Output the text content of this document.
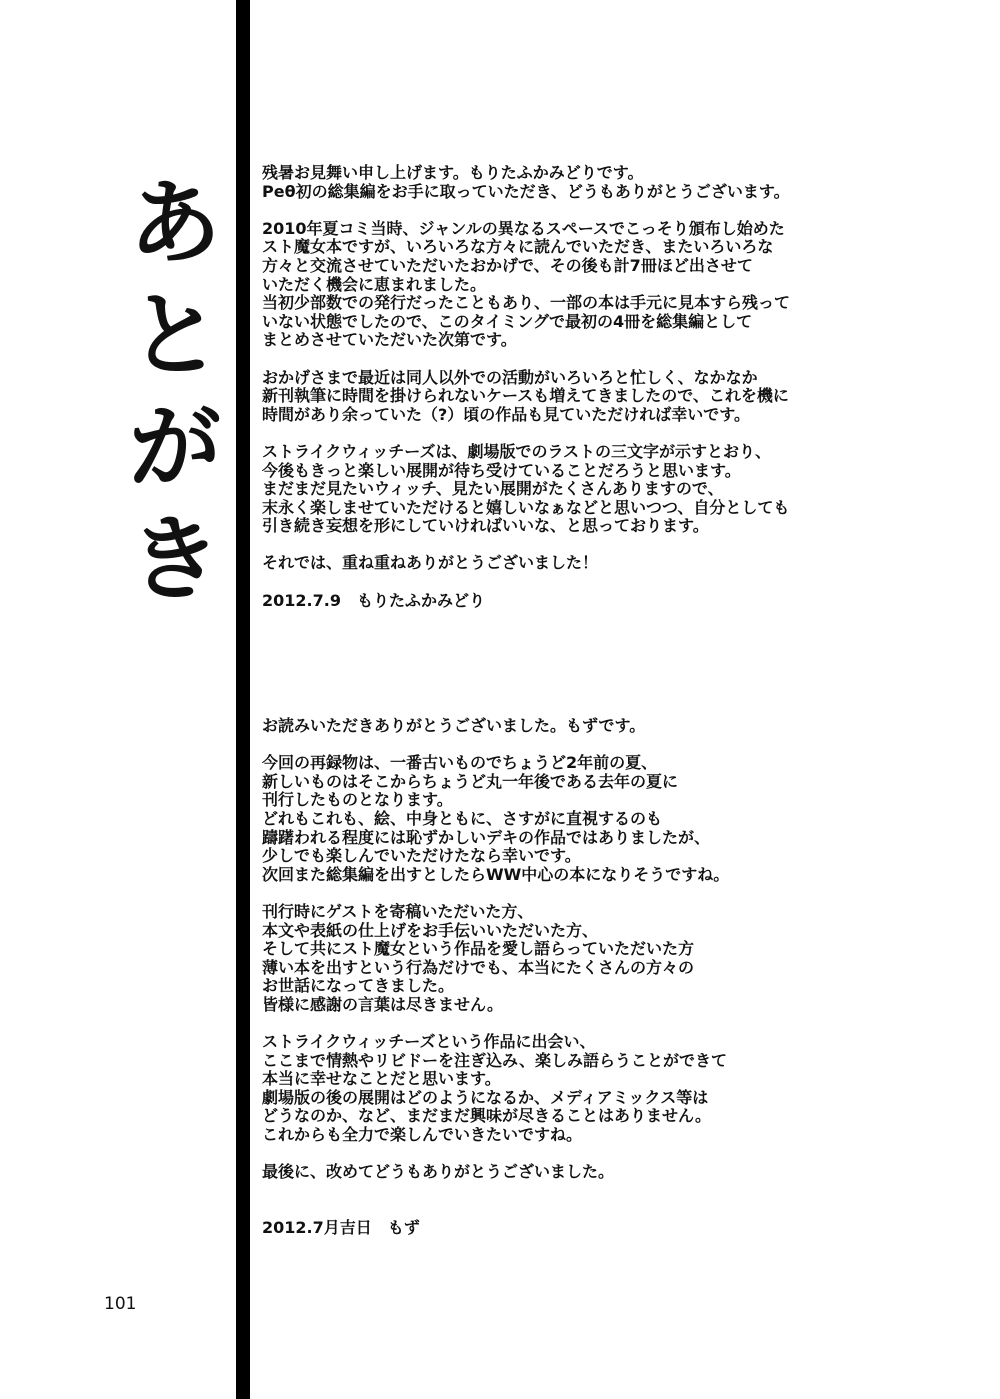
あ
と
が
き

残暑お見舞い申し上げます。もりたふかみどりです。

Peθ初の総集編をお手に取っていただき、どうもありがとうございます。

2010年夏コミ当時、ジャンルの異なるスペースでこっそり頒布し始めた

スト魔女本ですが、いろいろな方々に読んでいただき、またいろいろな

方々と交流させていただいたおかげで、その後も計7冊ほど出させて

いただく機会に恵まれました。

当初少部数での発行だったこともあり、一部の本は手元に見本すら残って

いない状態でしたので、このタイミングで最初の4冊を総集編として

まとめさせていただいた次第です。

おかげさまで最近は同人以外での活動がいろいろと忙しく、なかなか

新刊執筆に時間を掛けられないケースも増えてきましたので、これを機に

時間があり余っていた（?）頃の作品も見ていただければ幸いです。

ストライクウィッチーズは、劇場版でのラストの三文字が示すとおり、

今後もきっと楽しい展開が待ち受けていることだろうと思います。

まだまだ見たいウィッチ、見たい展開がたくさんありますので、

末永く楽しませていただけると嬉しいなぁなどと思いつつ、自分としても

引き続き妄想を形にしていければいいな、と思っております。

それでは、重ね重ねありがとうございました！

2012.7.9　もりたふかみどり

お読みいただきありがとうございました。もずです。

今回の再録物は、一番古いものでちょうど2年前の夏、

新しいものはそこからちょうど丸一年後である去年の夏に

刊行したものとなります。

どれもこれも、絵、中身ともに、さすがに直視するのも

躊躇われる程度には恥ずかしいデキの作品ではありましたが、

少しでも楽しんでいただけたなら幸いです。

次回また総集編を出すとしたらWW中心の本になりそうですね。

刊行時にゲストを寄稿いただいた方、

本文や表紙の仕上げをお手伝いいただいた方、

そして共にスト魔女という作品を愛し語らっていただいた方

薄い本を出すという行為だけでも、本当にたくさんの方々の

お世話になってきました。

皆様に感謝の言葉は尽きません。

ストライクウィッチーズという作品に出会い、

ここまで情熱やリビドーを注ぎ込み、楽しみ語らうことができて

本当に幸せなことだと思います。

劇場版の後の展開はどのようになるか、メディアミックス等は

どうなのか、など、まだまだ興味が尽きることはありません。

これからも全力で楽しんでいきたいですね。

最後に、改めてどうもありがとうございました。

2012.7月吉日　もず

101
